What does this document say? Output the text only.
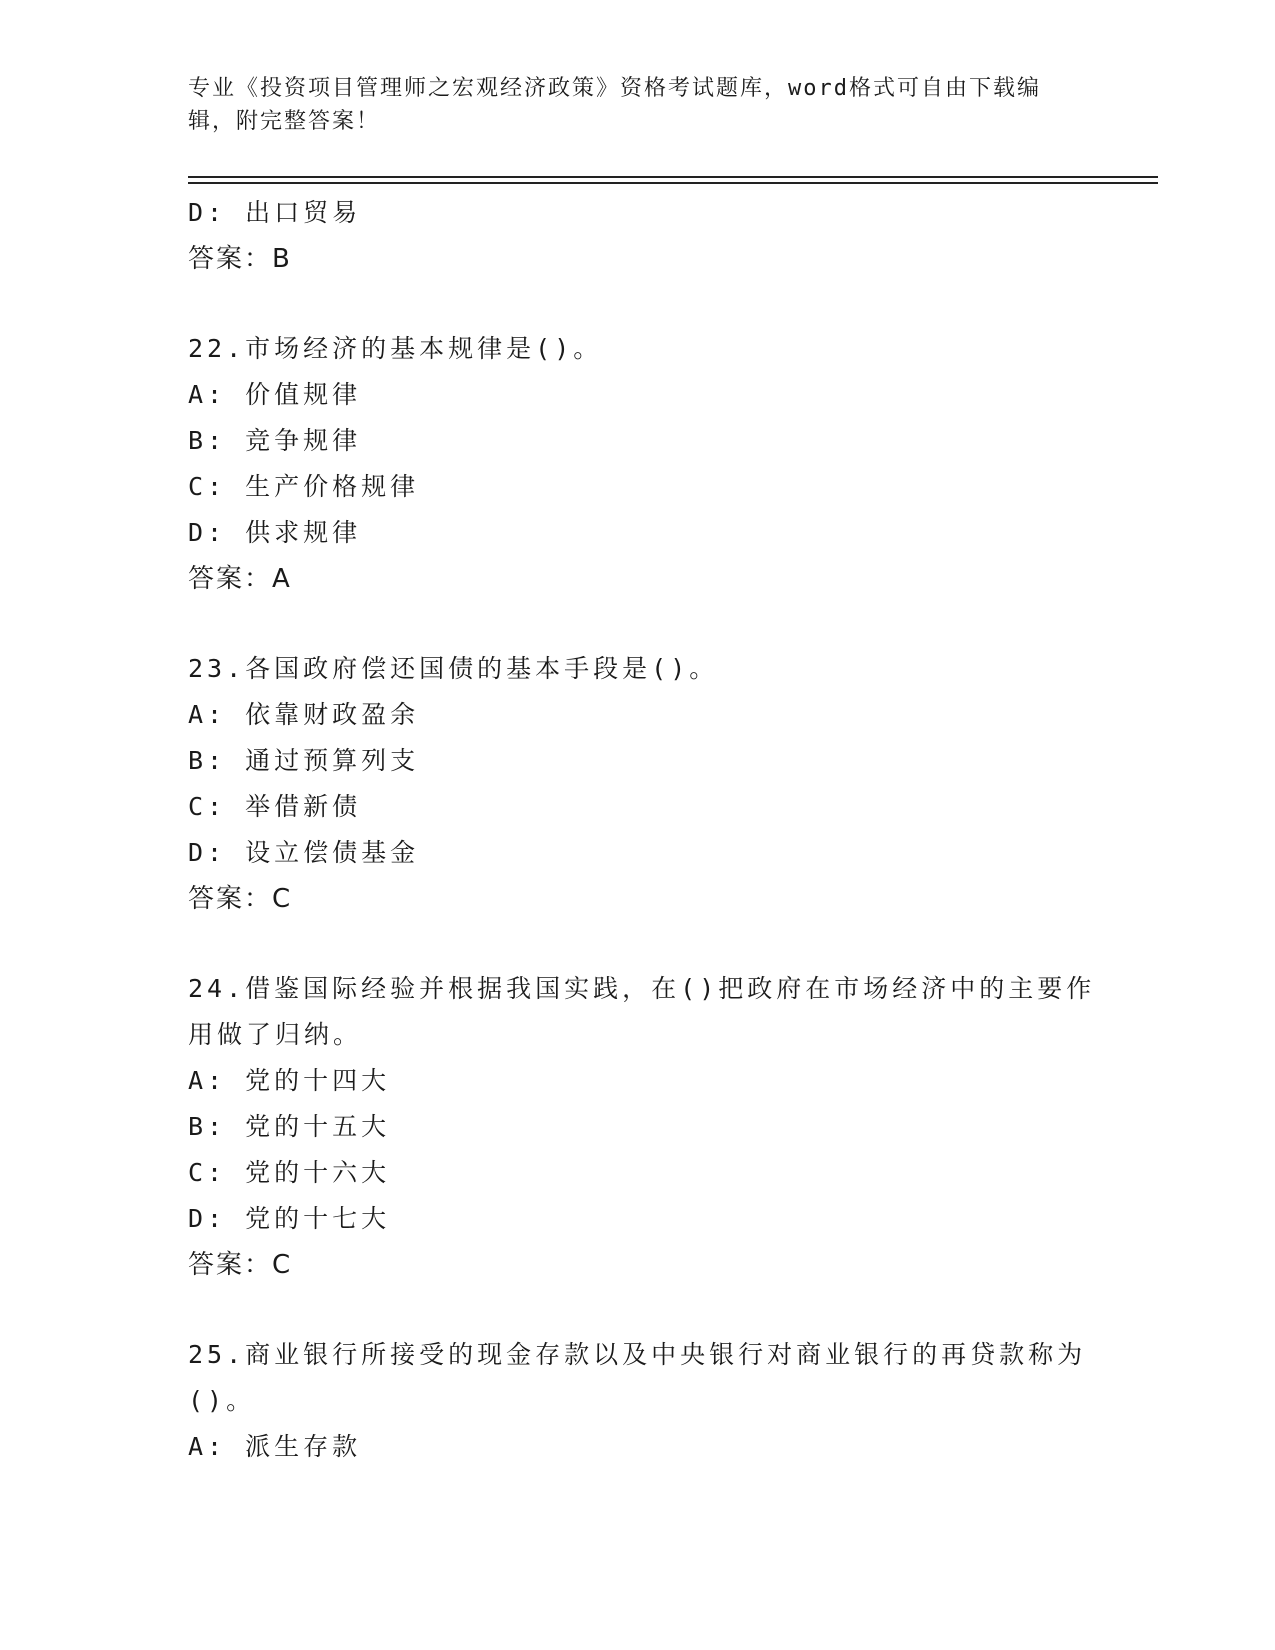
专业《投资项目管理师之宏观经济政策》资格考试题库，word格式可自由下载编
辑，附完整答案！
D: 出口贸易
答案：B
22.市场经济的基本规律是()。
A: 价值规律
B: 竞争规律
C: 生产价格规律
D: 供求规律
答案：A
23.各国政府偿还国债的基本手段是()。
A: 依靠财政盈余
B: 通过预算列支
C: 举借新债
D: 设立偿债基金
答案：C
24.借鉴国际经验并根据我国实践，在()把政府在市场经济中的主要作
用做了归纳。
A: 党的十四大
B: 党的十五大
C: 党的十六大
D: 党的十七大
答案：C
25.商业银行所接受的现金存款以及中央银行对商业银行的再贷款称为
()。
A: 派生存款
